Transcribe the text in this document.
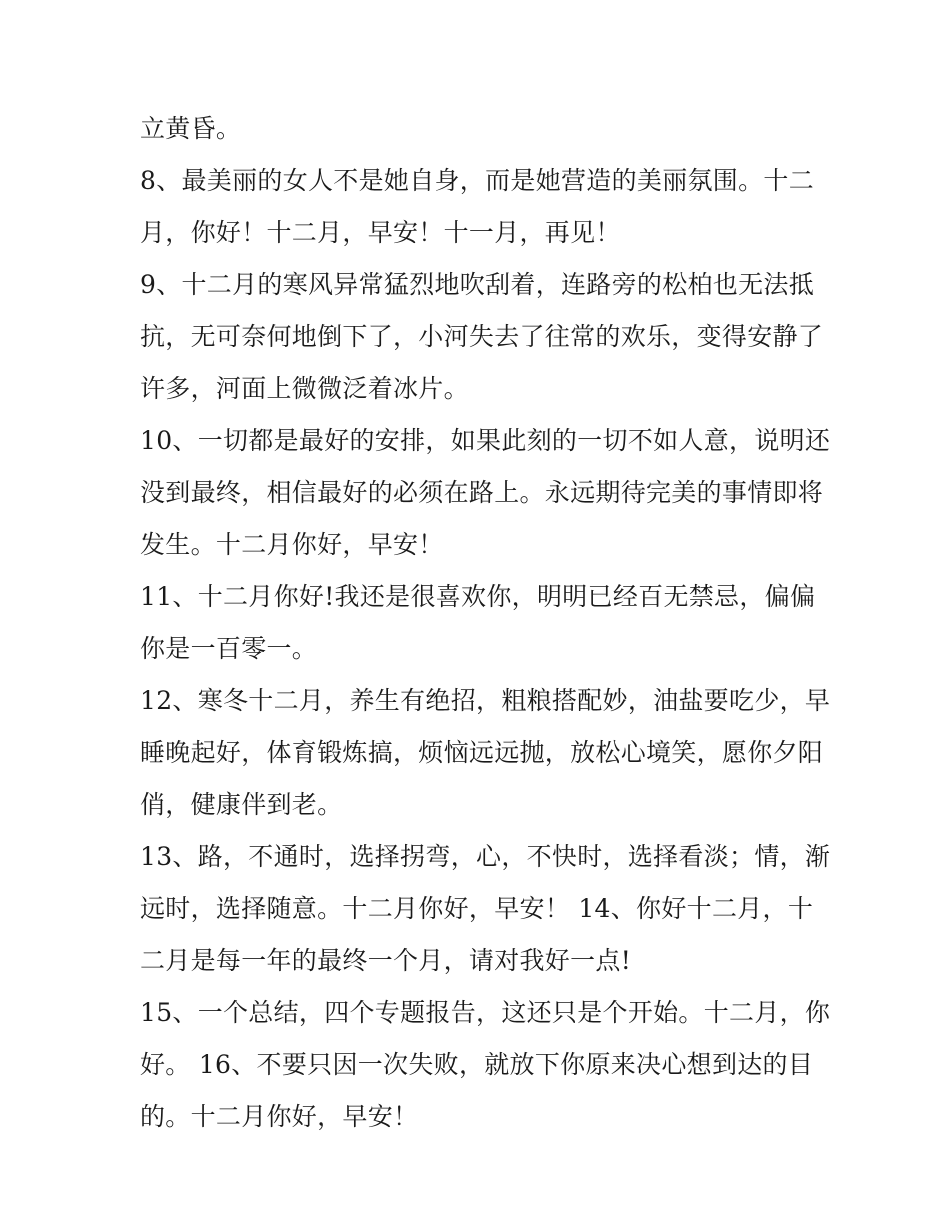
立黄昏。
8、最美丽的女人不是她自身，而是她营造的美丽氛围。十二
月，你好！十二月，早安！十一月，再见！
9、十二月的寒风异常猛烈地吹刮着，连路旁的松柏也无法抵
抗，无可奈何地倒下了，小河失去了往常的欢乐，变得安静了
许多，河面上微微泛着冰片。
10、一切都是最好的安排，如果此刻的一切不如人意，说明还
没到最终，相信最好的必须在路上。永远期待完美的事情即将
发生。十二月你好，早安！
11、十二月你好!我还是很喜欢你，明明已经百无禁忌，偏偏
你是一百零一。
12、寒冬十二月，养生有绝招，粗粮搭配妙，油盐要吃少，早
睡晚起好，体育锻炼搞，烦恼远远抛，放松心境笑，愿你夕阳
俏，健康伴到老。
13、路，不通时，选择拐弯，心，不快时，选择看淡；情，渐
远时，选择随意。十二月你好，早安！ 14、你好十二月，十
二月是每一年的最终一个月，请对我好一点!
15、一个总结，四个专题报告，这还只是个开始。十二月，你
好。 16、不要只因一次失败，就放下你原来决心想到达的目
的。十二月你好，早安！
